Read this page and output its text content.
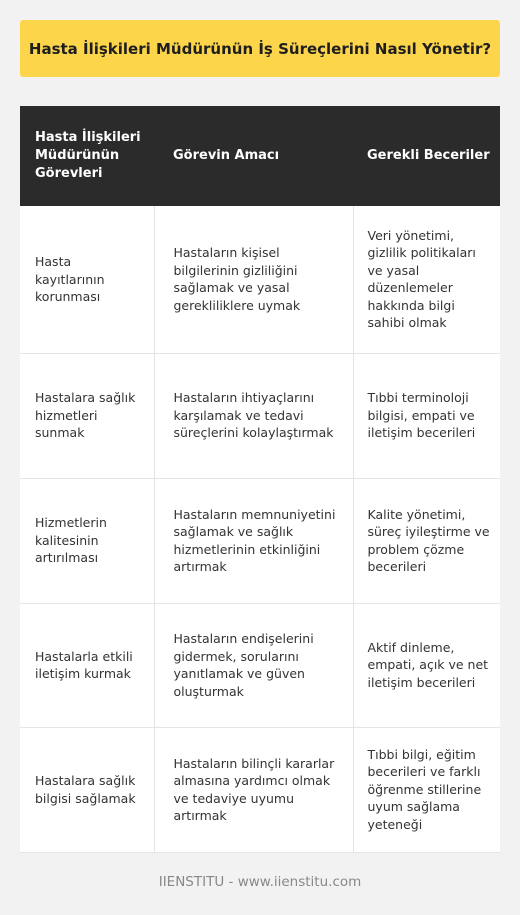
Hasta İlişkileri Müdürünün İş Süreçlerini Nasıl Yönetir?
Hasta İlişkileri Müdürünün Görevleri	Görevin Amacı	Gerekli Beceriler
Hasta kayıtlarının korunması	Hastaların kişisel bilgilerinin gizliliğini sağlamak ve yasal gerekliliklere uymak	Veri yönetimi, gizlilik politikaları ve yasal düzenlemeler hakkında bilgi sahibi olmak
Hastalara sağlık hizmetleri sunmak	Hastaların ihtiyaçlarını karşılamak ve tedavi süreçlerini kolaylaştırmak	Tıbbi terminoloji bilgisi, empati ve iletişim becerileri
Hizmetlerin kalitesinin artırılması	Hastaların memnuniyetini sağlamak ve sağlık hizmetlerinin etkinliğini artırmak	Kalite yönetimi, süreç iyileştirme ve problem çözme becerileri
Hastalarla etkili iletişim kurmak	Hastaların endişelerini gidermek, sorularını yanıtlamak ve güven oluşturmak	Aktif dinleme, empati, açık ve net iletişim becerileri
Hastalara sağlık bilgisi sağlamak	Hastaların bilinçli kararlar almasına yardımcı olmak ve tedaviye uyumu artırmak	Tıbbi bilgi, eğitim becerileri ve farklı öğrenme stillerine uyum sağlama yeteneği
IIENSTITU - www.iienstitu.com
